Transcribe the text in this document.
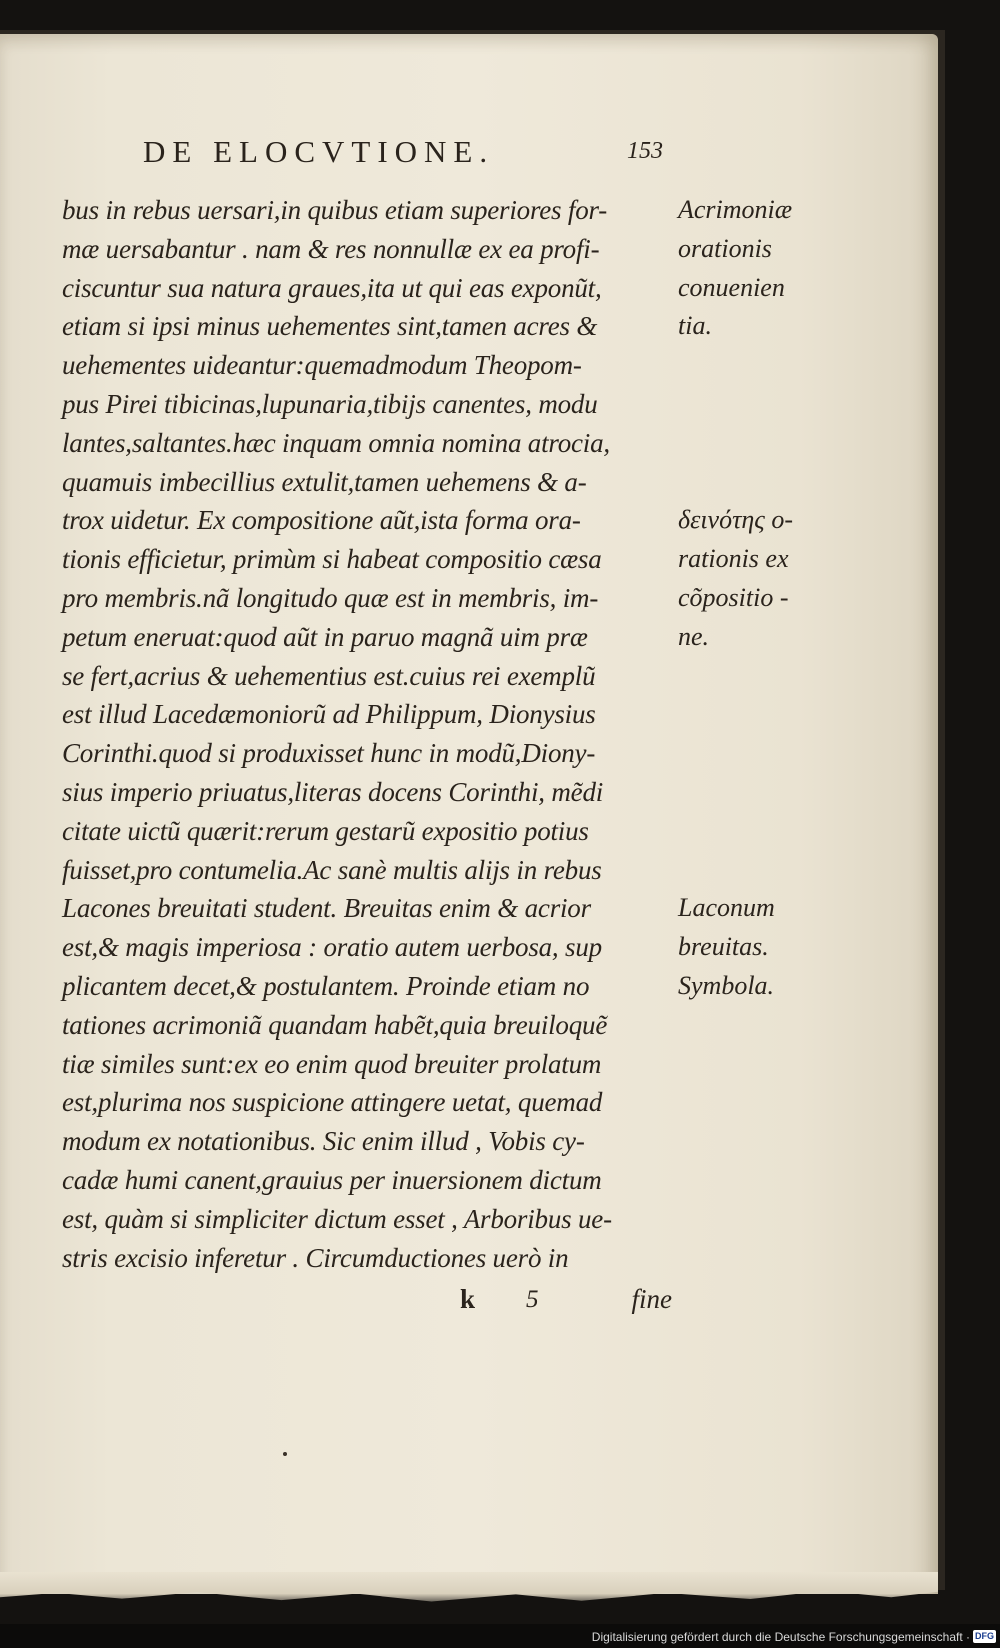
DE ELOCVTIONE.	153
bus in rebus uersari,in quibus etiam superiores for-
mæ uersabantur . nam & res nonnullæ ex ea profi-
ciscuntur sua natura graues,ita ut qui eas exponũt,
etiam si ipsi minus uehementes sint,tamen acres &
uehementes uideantur:quemadmodum Theopom-
pus Pirei tibicinas,lupunaria,tibijs canentes, modu
lantes,saltantes.hæc inquam omnia nomina atrocia,
quamuis imbecillius extulit,tamen uehemens & a-
trox uidetur. Ex compositione aũt,ista forma ora-
tionis efficietur, primùm si habeat compositio cæsa
pro membris.nã longitudo quæ est in membris, im-
petum eneruat:quod aũt in paruo magnã uim præ
se fert,acrius & uehementius est.cuius rei exemplũ
est illud Lacedæmoniorũ ad Philippum, Dionysius
Corinthi.quod si produxisset hunc in modũ,Diony-
sius imperio priuatus,literas docens Corinthi, mẽdi
citate uictũ quærit:rerum gestarũ expositio potius
fuisset,pro contumelia.Ac sanè multis alijs in rebus
Lacones breuitati student. Breuitas enim & acrior
est,& magis imperiosa : oratio autem uerbosa, sup
plicantem decet,& postulantem. Proinde etiam no
tationes acrimoniã quandam habẽt,quia breuiloquẽ
tiæ similes sunt:ex eo enim quod breuiter prolatum
est,plurima nos suspicione attingere uetat, quemad
modum ex notationibus. Sic enim illud , Vobis cy-
cadæ humi canent,grauius per inuersionem dictum
est, quàm si simpliciter dictum esset , Arboribus ue-
stris excisio inferetur . Circumductiones uerò in
Acrimoniæ
orationis
conuenien
tia.
δεινότης o-
rationis ex
cõpositio -
ne.
Laconum
breuitas.
Symbola.
k 5	fine
Digitalisierung gefördert durch die Deutsche Forschungsgemeinschaft · DFG
